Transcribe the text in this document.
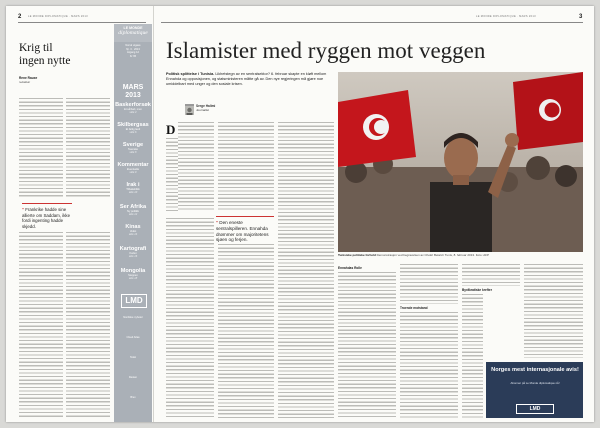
2	LE MONDE DIPLOMATIQUE · MARS 2013
Krig til ingen nytte
Rene Rauxe
redaktør
“Frankrike hadde sine allierte om Saddam, ikke fordi ingenting hadde skjedd.
LE MONDE
diplomatique
Norsk utgave
Nr. 3 · 2013
Årgang 12
Kr 65
MARS
2013
Baskerforsøk
Et sårbart, men
side 4
Skilbergsas
Et fattig land
side 6
Sverige
Svenske
side 8
Kommentar
Eventuelle
side 9
Irak i
Tilbakeblikk
side 10
Ser Afrika
Ny politikk
side 12
Kinas
Vekst
side 14
Kartografi
Kartet
side 16
Mongolia
Steppen
side 18
LMD
Nordiske nyheter
Cloud Atlas
Tekst
Resten
Brev
3
LE MONDE DIPLOMATIQUE · MARS 2013
Islamister med ryggen mot veggen
Politisk splittelse i Tunisia. Likhetstegn av en sentralsektor? 6. februar skapte en kløft mellom Ennahda og opposisjonen, og statsministeren måtte gå av. Den nye regjeringen må gjøre noe umiddelbart med unger og den sosiale krisen.
Serge Halimi
Journalist
D
“Den eneste sentralspilleren. Ennahda drømmer om majoritetens sjøen og ferjen.
Tunisiske politiske forhold Demonstrasjon ved begravelsen av Chokri Belaïd i Tunis, 8. februar 2013. Foto: AFP
Ennahdas Rolle
Troende motstand
Byråkratiske krefter
Norges mest internasjonale avis!
Abonner på Le Monde diplomatique nå!
LMD
